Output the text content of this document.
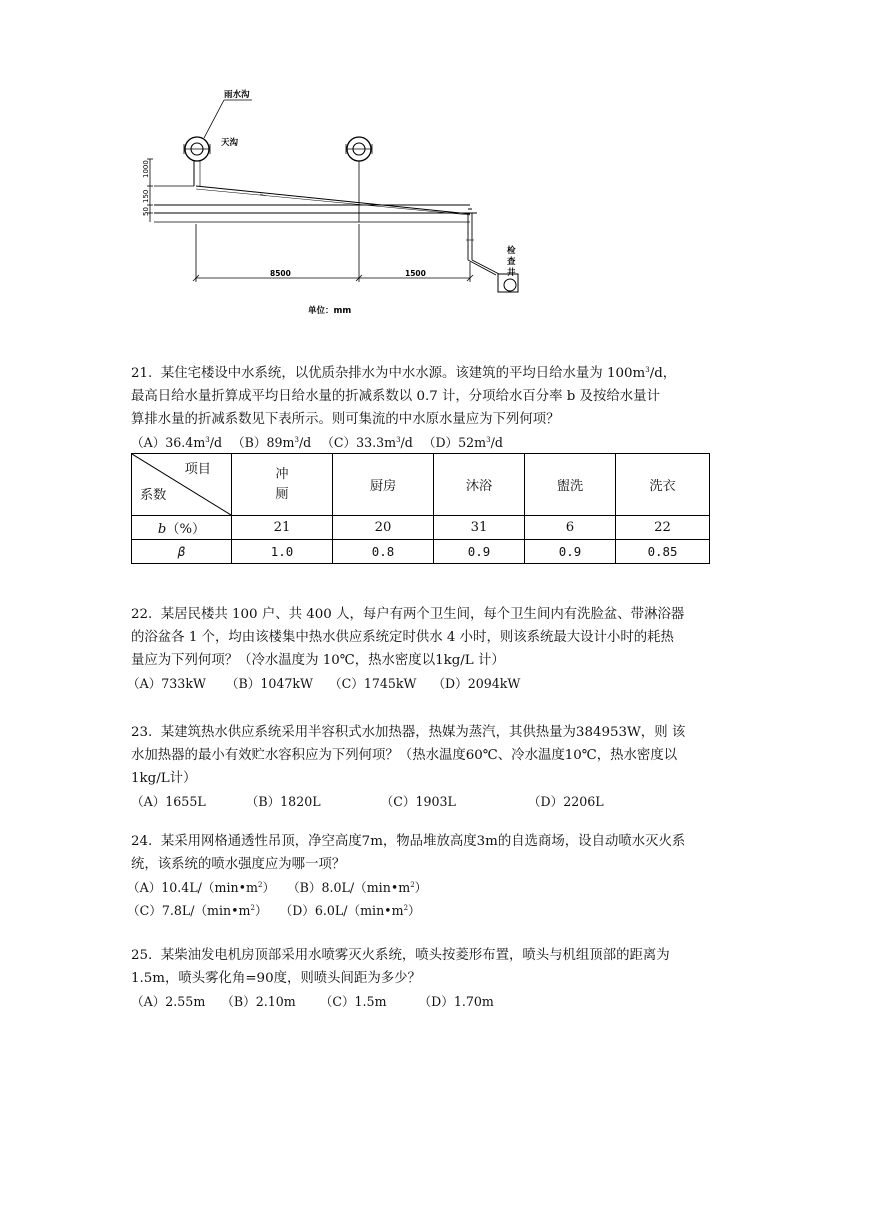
雨水沟
天沟
1000
150
50
检
查
井
8500	1500
单位：mm

21. 某住宅楼设中水系统，以优质杂排水为中水水源。该建筑的平均日给水量为 $100m^3/d$，

最高日给水量折算成平均日给水量的折减系数以 0.7 计，分项给水百分率 b 及按给水量计

算排水量的折减系数见下表所示。则可集流的中水原水量应为下列何项？

$(A)36.4m^3/d$ $(B)89m^3/d$ $(C)33.3m^3/d$ $(D)52m^3/d$

项目
系数	冲厕	厨房	沐浴	盥洗	洗衣
b（%）	21	20	31	6	22
β	1.0	0.8	0.9	0.9	0.85

22. 某居民楼共 100 户、共 400 人，每户有两个卫生间，每个卫生间内有洗脸盆、带淋浴器

的浴盆各 1 个，均由该楼集中热水供应系统定时供水 4 小时，则该系统最大设计小时的耗热

量应为下列何项？（冷水温度为 10℃，热水密度以1kg/L 计）

（A）733kW     （B）1047kW    （C）1745kW    （D）2094kW

23. 某建筑热水供应系统采用半容积式水加热器，热媒为蒸汽，其供热量为384953W，则 该

水加热器的最小有效贮水容积应为下列何项？（热水温度60℃、冷水温度10℃，热水密度以

1kg/L计）

（A）1655L          （B）1820L               （C）1903L                  （D）2206L

24. 某采用网格通透性吊顶，净空高度7m，物品堆放高度3m的自选商场，设自动喷水灭火系

统，该系统的喷水强度应为哪一项？

$(A)10.4L/(\min•m^2)$ $(B)8.0L/(\min•m^2)$

$(C)7.8L/(\min•m^2)$ $(D)6.0L/(\min•m^2)$

25. 某柴油发电机房顶部采用水喷雾灭火系统，喷头按菱形布置，喷头与机组顶部的距离为

1.5m，喷头雾化角=90度，则喷头间距为多少？

（A）2.55m    （B）2.10m      （C）1.5m        （D）1.70m
